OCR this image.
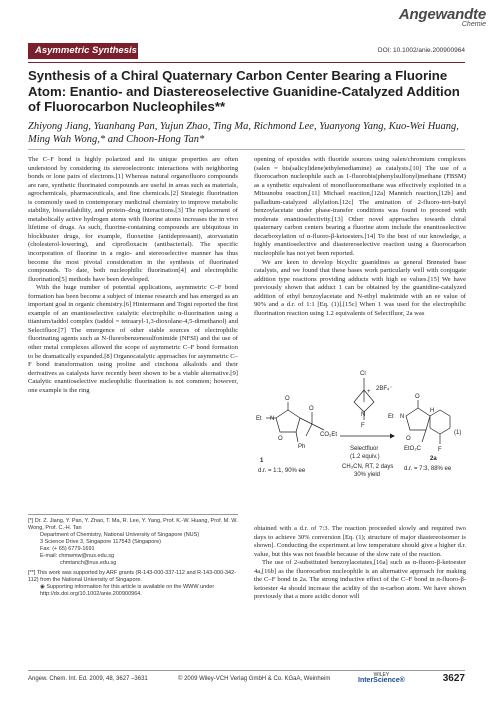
Angewandte
Chemie
Asymmetric Synthesis	DOI: 10.1002/anie.200900964
Synthesis of a Chiral Quaternary Carbon Center Bearing a Fluorine Atom: Enantio- and Diastereoselective Guanidine-Catalyzed Addition of Fluorocarbon Nucleophiles**
Zhiyong Jiang, Yuanhang Pan, Yujun Zhao, Ting Ma, Richmond Lee, Yuanyong Yang, Kuo-Wei Huang, Ming Wah Wong,* and Choon-Hong Tan*

The C–F bond is highly polarized and its unique properties are often understood by considering its stereoelectronic interactions with neighboring bonds or lone pairs of electrons.[1] Whereas natural organofluoro compounds are rare, synthetic fluorinated compounds are useful in areas such as materials, agrochemicals, pharmaceuticals, and fine chemicals.[2] Strategic fluorination is commonly used in contemporary medicinal chemistry to improve metabolic stability, bioavailability, and protein–drug interactions.[3] The replacement of metabolically active hydrogen atoms with fluorine atoms increases the in vivo lifetime of drugs. As such, fluorine-containing compounds are ubiquitous in blockbuster drugs, for example, fluoxetine (antidepressant), atorvastatin (cholesterol-lowering), and ciprofloxacin (antibacterial). The specific incorporation of fluorine in a regio- and stereoselective manner has thus become the most pivotal consideration in the synthesis of fluorinated compounds. To date, both nucleophilic fluorination[4] and electrophilic fluorination[5] methods have been developed.

With the huge number of potential applications, asymmetric C–F bond formation has been become a subject of intense research and has emerged as an important goal in organic chemistry.[6] Hintermann and Togni reported the first example of an enantioselective catalytic electrophilic α-fluorination using a titanium/taddol complex (taddol = tetraaryl-1,3-dioxolane-4,5-dimethanol) and Selectfluor.[7] The emergence of other stable sources of electrophilic fluorinating agents such as N-fluorobenzenesulfonimide (NFSI) and the use of other metal complexes allowed the scope of asymmetric C–F bond formation to be dramatically expanded.[8] Organocatalytic approaches for asymmetric C–F bond transformation using proline and cinchona alkaloids and their derivatives as catalysts have recently been shown to be a viable alternative.[9] Catalytic enantioselective nucleophilic fluorination is not common; however, one example is the ring

opening of epoxides with fluoride sources using salen/chromium complexes (salen = bis(salicylidene)ethylenediamine) as catalysts.[10] The use of a fluorocarbon nucleophile such as 1-fluorobis(phenylsulfonyl)methane (FBSM) as a synthetic equivalent of monofluoromethane was effectively exploited in a Mitsunobu reaction,[11] Michael reaction,[12a] Mannich reaction,[12b] and palladium-catalyzed allylation.[12c] The amination of 2-fluoro-tert-butyl benzoylacetate under phase-transfer conditions was found to proceed with moderate enantioselectivity.[13] Other novel approaches towards chiral quaternary carbon centers bearing a fluorine atom include the enantioselective decarboxylation of α-fluoro-β-ketoesters.[14] To the best of our knowledge, a highly enantioselective and diastereoselective reaction using a fluorocarbon nucleophile has not yet been reported.

We are keen to develop bicyclic guanidines as general Brønsted base catalysts, and we found that these bases work particularly well with conjugate addition type reactions providing adducts with high ee values.[15] We have previously shown that adduct 1 can be obtained by the guanidine-catalyzed addition of ethyl benzoylacetate and N-ethyl maleimide with an ee value of 90% and a d.r. of 1:1 [Eq. (1)].[15c] When 1 was used for the electrophilic fluorination reaction using 1.2 equivalents of Selectfluor, 2a was

Cl
+
N
F
2BF₄⁻
Et N
O
O
O
Ph
CO₂Et
1
d.r. = 1:1, 90% ee
Selectfluor
(1.2 equiv.)
CH₃CN, RT, 2 days
30% yield
Et N
O
O
H
EtO₂C	F
(1)
2a
d.r. = 7:3, 88% ee

obtained with a d.r. of 7:3. The reaction proceeded slowly and required two days to achieve 30% conversion [Eq. (1); structure of major diastereoisomer is shown]. Conducting the experiment at low temperature should give a higher d.r. value, but this was not feasible because of the slow rate of the reaction.

The use of 2-substituted benzoylacetates,[16a] such as α-fluoro-β-ketoester 4a,[16b] as the fluorocarbon nucleophile is an alternative approach for making the C–F bond in 2a. The strong inductive effect of the C–F bond in α-fluoro-β-ketoester 4a should increase the acidity of the α-carbon atom. We have shown previously that a more acidic donor will

[*] Dr. Z. Jiang, Y. Pan, Y. Zhao, T. Ma, R. Lee, Y. Yang, Prof. K.-W. Huang, Prof. M. W. Wong, Prof. C.-H. Tan
Department of Chemistry, National University of Singapore (NUS)
3 Science Drive 3, Singapore 117543 (Singapore)
Fax: (+ 65) 6779-1691
E-mail: chmwmw@nus.edu.sg
chmtanch@nus.edu.sg
[**] This work was supported by ARF grants (R-143-000-337-112 and R-143-000-342-112) from the National University of Singapore.
◉ Supporting information for this article is available on the WWW under http://dx.doi.org/10.1002/anie.200900964.
Angew. Chem. Int. Ed. 2009, 48, 3627 –3631	© 2009 Wiley-VCH Verlag GmbH & Co. KGaA, Weinheim
WILEY
InterScience®	3627
